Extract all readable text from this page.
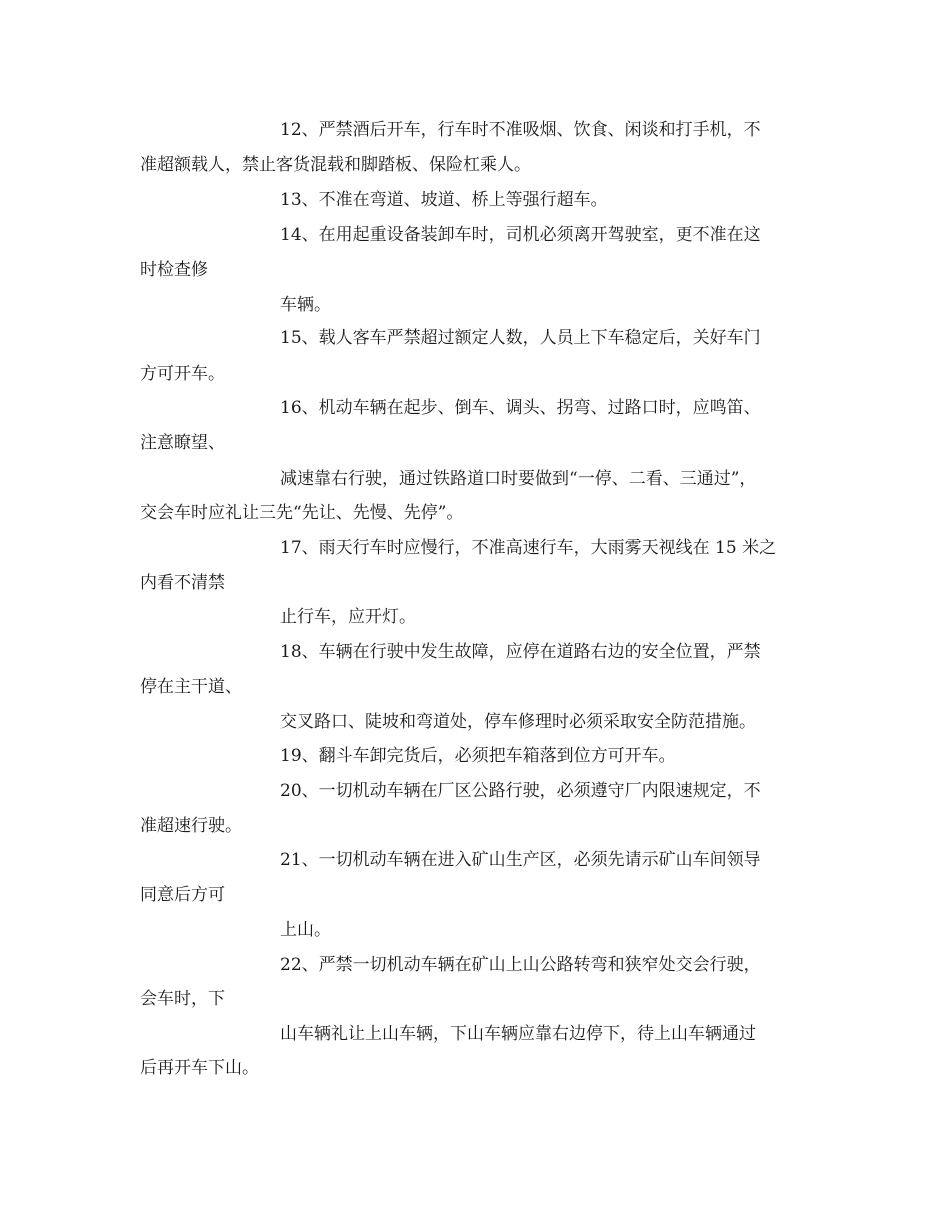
12、严禁酒后开车，行车时不准吸烟、饮食、闲谈和打手机，不
准超额载人，禁止客货混载和脚踏板、保险杠乘人。
13、不准在弯道、坡道、桥上等强行超车。
14、在用起重设备装卸车时，司机必须离开驾驶室，更不准在这
时检查修
车辆。
15、载人客车严禁超过额定人数，人员上下车稳定后，关好车门
方可开车。
16、机动车辆在起步、倒车、调头、拐弯、过路口时，应鸣笛、
注意瞭望、
减速靠右行驶，通过铁路道口时要做到“一停、二看、三通过”，
交会车时应礼让三先“先让、先慢、先停”。
17、雨天行车时应慢行，不准高速行车，大雨雾天视线在 15 米之
内看不清禁
止行车，应开灯。
18、车辆在行驶中发生故障，应停在道路右边的安全位置，严禁
停在主干道、
交叉路口、陡坡和弯道处，停车修理时必须采取安全防范措施。
19、翻斗车卸完货后，必须把车箱落到位方可开车。
20、一切机动车辆在厂区公路行驶，必须遵守厂内限速规定，不
准超速行驶。
21、一切机动车辆在进入矿山生产区，必须先请示矿山车间领导
同意后方可
上山。
22、严禁一切机动车辆在矿山上山公路转弯和狭窄处交会行驶，
会车时，下
山车辆礼让上山车辆，下山车辆应靠右边停下，待上山车辆通过
后再开车下山。
